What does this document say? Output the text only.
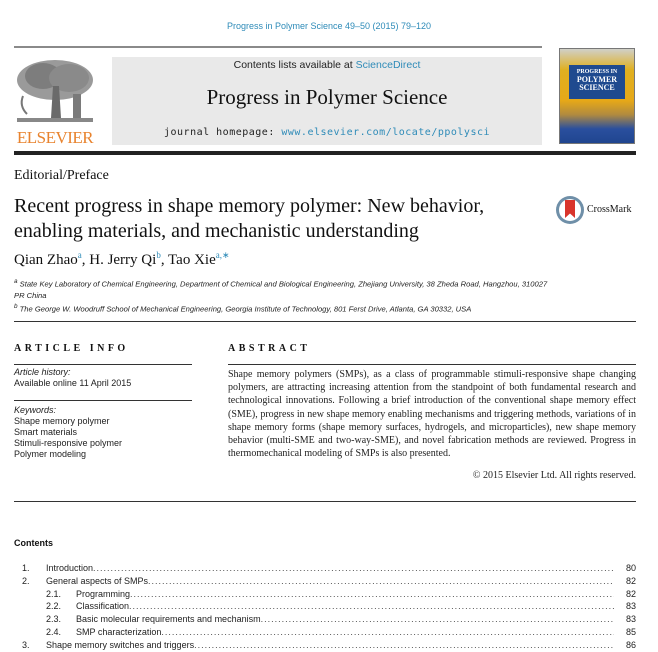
Progress in Polymer Science 49–50 (2015) 79–120
ELSEVIER
Contents lists available at ScienceDirect
Progress in Polymer Science
journal homepage: www.elsevier.com/locate/ppolysci
PROGRESS IN
POLYMER
SCIENCE
Editorial/Preface
Recent progress in shape memory polymer: New behavior, enabling materials, and mechanistic understanding
CrossMark
Qian Zhao$^a$, H. Jerry Qi$^b$, Tao Xie$^{a,∗}$
$^a$ State Key Laboratory of Chemical Engineering, Department of Chemical and Biological Engineering, Zhejiang University, 38 Zheda Road, Hangzhou, 310027 PR China
$^b$ The George W. Woodruff School of Mechanical Engineering, Georgia Institute of Technology, 801 Ferst Drive, Atlanta, GA 30332, USA
ARTICLE INFO	ABSTRACT
Article history:
Available online 11 April 2015
Keywords:
Shape memory polymer
Smart materials
Stimuli-responsive polymer
Polymer modeling
Shape memory polymers (SMPs), as a class of programmable stimuli-responsive shape changing polymers, are attracting increasing attention from the standpoint of both fundamental research and technological innovations. Following a brief introduction of the conventional shape memory effect (SME), progress in new shape memory enabling mechanisms and triggering methods, variations of in shape memory forms (shape memory surfaces, hydrogels, and microparticles), new shape memory behavior (multi-SME and two-way-SME), and novel fabrication methods are reviewed. Progress in thermomechanical modeling of SMPs is also presented.
© 2015 Elsevier Ltd. All rights reserved.
Contents
1.	Introduction .....	80
2.	General aspects of SMPs .....	82
2.1.	Programming .....	82
2.2.	Classification .....	83
2.3.	Basic molecular requirements and mechanism .....	83
2.4.	SMP characterization .....	85
3.	Shape memory switches and triggers .....	86
